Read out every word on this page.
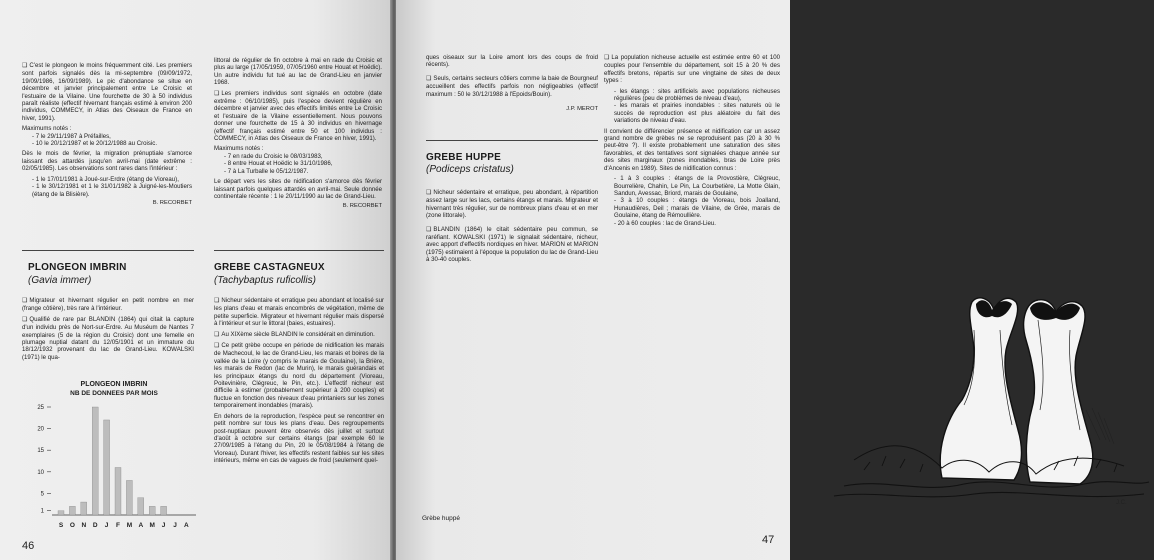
❑ C'est le plongeon le moins fréquemment cité. Les premiers sont parfois signalés dès la mi-septembre (09/09/1972, 19/09/1986, 16/09/1989). Le pic d'abondance se situe en décembre et janvier principalement entre Le Croisic et l'estuaire de la Vilaine. Une fourchette de 30 à 50 individus paraît réaliste (effectif hivernant français estimé à environ 200 individus, COMMECY, in Atlas des Oiseaux de France en hiver, 1991).

Maximums notés :
- 7 le 29/11/1987 à Préfailles,
- 10 le 20/12/1987 et le 20/12/1988 au Croisic.

Dès le mois de février, la migration prénuptiale s'amorce laissant des attardés jusqu'en avril-mai (date extrême : 02/05/1985). Les observations sont rares dans l'intérieur :

- 1 le 17/01/1981 à Joué-sur-Erdre (étang de Vioreau),
- 1 le 30/12/1981 et 1 le 31/01/1982 à Juigné-les-Moutiers (étang de la Blisière).
B. RECORBET

littoral de régulier de fin octobre à mai en rade du Croisic et plus au large (17/05/1959, 07/05/1960 entre Houat et Hoëdic). Un autre individu fut tué au lac de Grand-Lieu en janvier 1968.

❑ Les premiers individus sont signalés en octobre (date extrême : 06/10/1985), puis l'espèce devient régulière en décembre et janvier avec des effectifs limités entre Le Croisic et l'estuaire de la Vilaine essentiellement. Nous pouvons donner une fourchette de 15 à 30 individus en hivernage (effectif français estimé entre 50 et 100 individus : COMMECY, in Atlas des Oiseaux de France en hiver, 1991).

Maximums notés :
- 7 en rade du Croisic le 08/03/1983,
- 8 entre Houat et Hoëdic le 31/10/1986,
- 7 à La Turballe le 05/12/1987.

Le départ vers les sites de nidification s'amorce dès février laissant parfois quelques attardés en avril-mai. Seule donnée continentale récente : 1 le 20/11/1990 au lac de Grand-Lieu.

B. RECORBET
PLONGEON IMBRIN
(Gavia immer)

❑ Migrateur et hivernant régulier en petit nombre en mer (frange côtière), très rare à l'intérieur.

❑ Qualifié de rare par BLANDIN (1864) qui citait la capture d'un individu près de Nort-sur-Erdre. Au Muséum de Nantes 7 exemplaires (5 de la région du Croisic) dont une femelle en plumage nuptial datant du 12/05/1901 et un immature du 18/12/1932 provenant du lac de Grand-Lieu. KOWALSKI (1971) le qua-

GREBE CASTAGNEUX
(Tachybaptus ruficollis)

❑ Nicheur sédentaire et erratique peu abondant et localisé sur les plans d'eau et marais encombrés de végétation, même de petite superficie. Migrateur et hivernant régulier mais dispersé à l'intérieur et sur le littoral (baies, estuaires).

❑ Au XIXème siècle BLANDIN le considérait en diminution.

❑ Ce petit grèbe occupe en période de nidification les marais de Machecoul, le lac de Grand-Lieu, les marais et boires de la vallée de la Loire (y compris le marais de Goulaine), la Brière, les marais de Redon (lac de Murin), le marais guérandais et les principaux étangs du nord du département (Vioreau, Poitevinière, Clégreuc, le Pin, etc.). L'effectif nicheur est difficile à estimer (probablement supérieur à 200 couples) et fluctue en fonction des niveaux d'eau printaniers sur les zones temporairement inondables (marais).

En dehors de la reproduction, l'espèce peut se rencontrer en petit nombre sur tous les plans d'eau. Des regroupements post-nuptiaux peuvent être observés dès juillet et surtout d'août à octobre sur certains étangs (par exemple 60 le 27/09/1985 à l'étang du Pin, 20 le 05/08/1984 à l'étang de Vioreau). Durant l'hiver, les effectifs restent faibles sur les sites intérieurs, même en cas de vagues de froid (seulement quel-

PLONGEON IMBRIN
NB DE DONNEES PAR MOIS
25
20
15
10
5
1
S O N D J F M A M J J A
46

ques oiseaux sur la Loire amont lors des coups de froid récents).

❑ Seuls, certains secteurs côtiers comme la baie de Bourgneuf accueillent des effectifs parfois non négligeables (effectif maximum : 50 le 30/12/1988 à l'Epoids/Bouin).

J.P. MEROT
GREBE HUPPE
(Podiceps cristatus)

❑ Nicheur sédentaire et erratique, peu abondant, à répartition assez large sur les lacs, certains étangs et marais. Migrateur et hivernant très régulier, sur de nombreux plans d'eau et en mer (zone littorale).

❑ BLANDIN (1864) le citait sédentaire peu commun, se raréfiant. KOWALSKI (1971) le signalait sédentaire, nicheur, avec apport d'effectifs nordiques en hiver. MARION et MARION (1975) estimaient à l'époque la population du lac de Grand-Lieu à 30-40 couples.

❑ La population nicheuse actuelle est estimée entre 60 et 100 couples pour l'ensemble du département, soit 15 à 20 % des effectifs bretons, répartis sur une vingtaine de sites de deux types :

- les étangs : sites artificiels avec populations nicheuses régulières (peu de problèmes de niveau d'eau),
- les marais et prairies inondables : sites naturels où le succès de reproduction est plus aléatoire du fait des variations de niveau d'eau.

Il convient de différencier présence et nidification car un assez grand nombre de grèbes ne se reproduisent pas (20 à 30 % peut-être ?). Il existe probablement une saturation des sites favorables, et des tentatives sont signalées chaque année sur des sites marginaux (zones inondables, bras de Loire près d'Ancenis en 1989). Sites de nidification connus :

- 1 à 3 couples : étangs de la Provostière, Clégreuc, Bourrelière, Chahin, Le Pin, La Courbetière, La Motte Glain, Sandun, Avessac, Briord, marais de Goulaine,
- 3 à 10 couples : étangs de Vioreau, bois Joalland, Hunaudières, Deil ; marais de Vilaine, de Grée, marais de Goulaine, étang de Rémoullière.
- 20 à 60 couples : lac de Grand-Lieu.
J.C.
Grèbe huppé
47
